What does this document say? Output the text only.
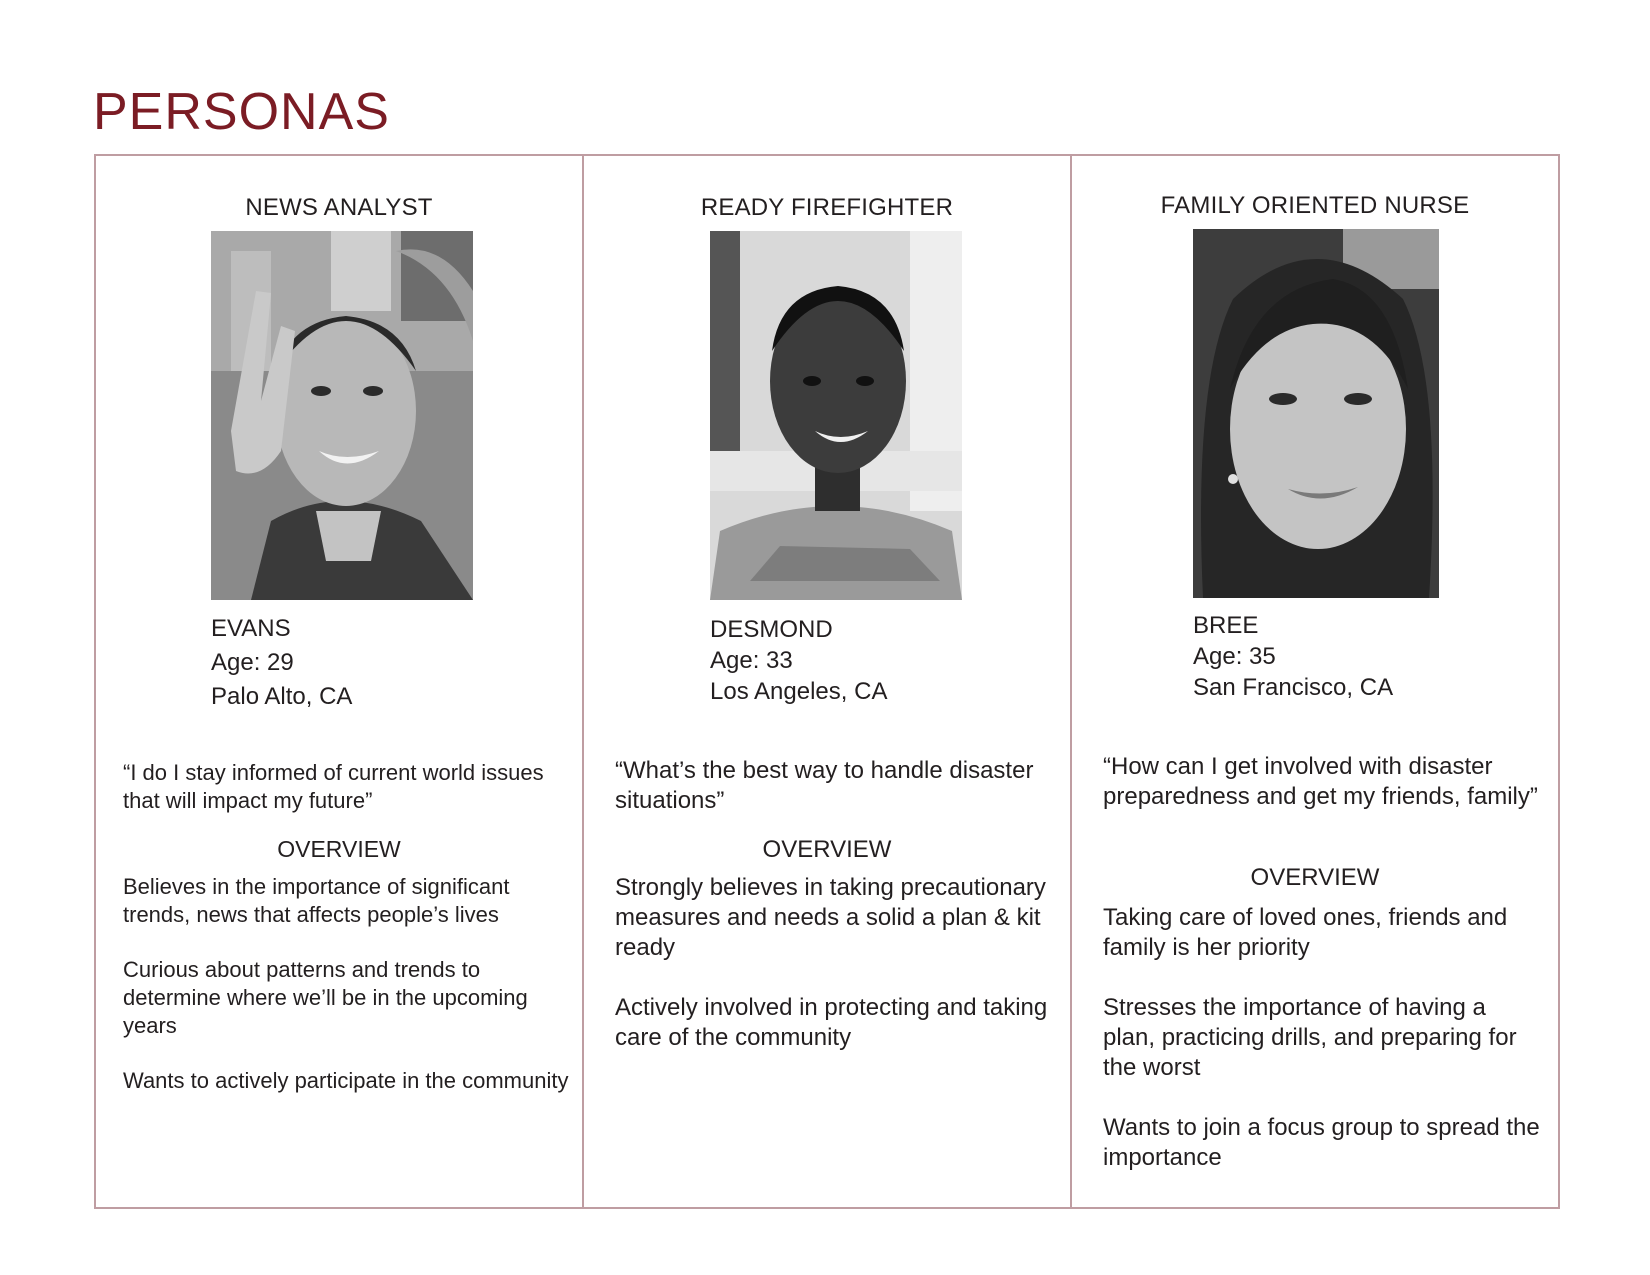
PERSONAS
NEWS ANALYST
EVANS
Age: 29
Palo Alto, CA
“I do I stay informed of current world issues that will impact my future”
OVERVIEW
Believes in the importance of significant trends, news that affects people’s lives
Curious about patterns and trends to determine where we’ll be in the upcoming years
Wants to actively participate in the community
READY FIREFIGHTER
DESMOND
Age: 33
Los Angeles, CA
“What’s the best way to handle disaster situations”
OVERVIEW
Strongly believes in taking precautionary measures and needs a solid a plan & kit ready
Actively involved in protecting and taking care of the community
FAMILY ORIENTED NURSE
BREE
Age: 35
San Francisco, CA
“How can I get involved with disaster preparedness and get my friends, family”
OVERVIEW
Taking care of loved ones, friends and family is her priority
Stresses the importance of having a plan, practicing drills, and preparing for the worst
Wants to join a focus group to spread the importance
